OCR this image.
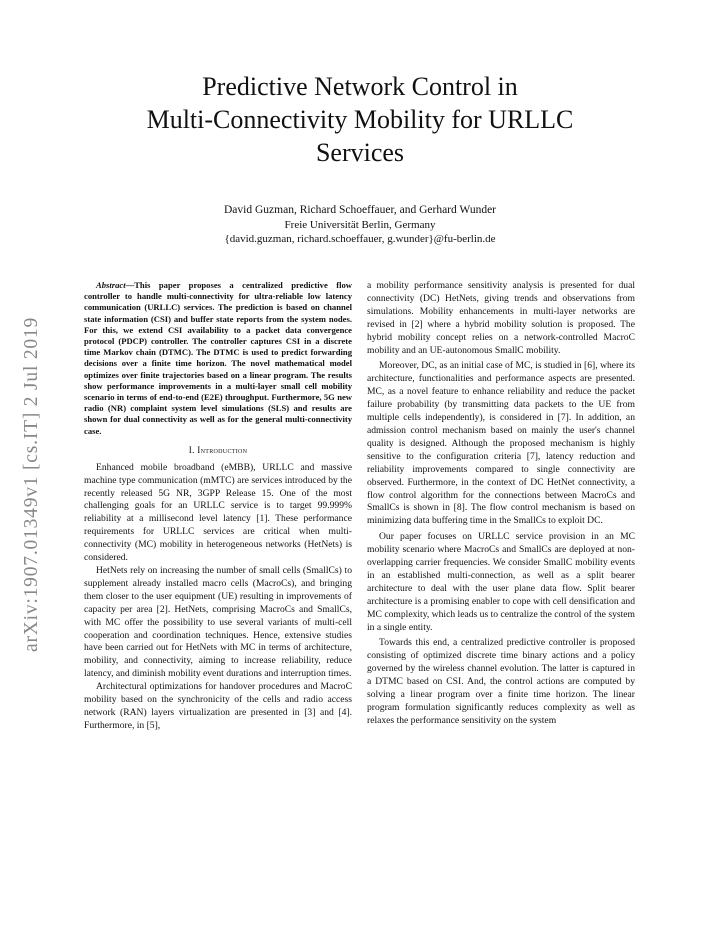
arXiv:1907.01349v1 [cs.IT] 2 Jul 2019
Predictive Network Control in
Multi-Connectivity Mobility for URLLC
Services
David Guzman, Richard Schoeffauer, and Gerhard Wunder
Freie Universität Berlin, Germany
{david.guzman, richard.schoeffauer, g.wunder}@fu-berlin.de

Abstract—This paper proposes a centralized predictive flow controller to handle multi-connectivity for ultra-reliable low latency communication (URLLC) services. The prediction is based on channel state information (CSI) and buffer state reports from the system nodes. For this, we extend CSI availability to a packet data convergence protocol (PDCP) controller. The controller captures CSI in a discrete time Markov chain (DTMC). The DTMC is used to predict forwarding decisions over a finite time horizon. The novel mathematical model optimizes over finite trajectories based on a linear program. The results show performance improvements in a multi-layer small cell mobility scenario in terms of end-to-end (E2E) throughput. Furthermore, 5G new radio (NR) complaint system level simulations (SLS) and results are shown for dual connectivity as well as for the general multi-connectivity case.

I. Introduction

Enhanced mobile broadband (eMBB), URLLC and massive machine type communication (mMTC) are services introduced by the recently released 5G NR, 3GPP Release 15. One of the most challenging goals for an URLLC service is to target 99.999% reliability at a millisecond level latency [1]. These performance requirements for URLLC services are critical when multi-connectivity (MC) mobility in heterogeneous networks (HetNets) is considered.

HetNets rely on increasing the number of small cells (SmallCs) to supplement already installed macro cells (MacroCs), and bringing them closer to the user equipment (UE) resulting in improvements of capacity per area [2]. HetNets, comprising MacroCs and SmallCs, with MC offer the possibility to use several variants of multi-cell cooperation and coordination techniques. Hence, extensive studies have been carried out for HetNets with MC in terms of architecture, mobility, and connectivity, aiming to increase reliability, reduce latency, and diminish mobility event durations and interruption times.

Architectural optimizations for handover procedures and MacroC mobility based on the synchronicity of the cells and radio access network (RAN) layers virtualization are presented in [3] and [4]. Furthermore, in [5],

a mobility performance sensitivity analysis is presented for dual connectivity (DC) HetNets, giving trends and observations from simulations. Mobility enhancements in multi-layer networks are revised in [2] where a hybrid mobility solution is proposed. The hybrid mobility concept relies on a network-controlled MacroC mobility and an UE-autonomous SmallC mobility.

Moreover, DC, as an initial case of MC, is studied in [6], where its architecture, functionalities and performance aspects are presented. MC, as a novel feature to enhance reliability and reduce the packet failure probability (by transmitting data packets to the UE from multiple cells independently), is considered in [7]. In addition, an admission control mechanism based on mainly the user's channel quality is designed. Although the proposed mechanism is highly sensitive to the configuration criteria [7], latency reduction and reliability improvements compared to single connectivity are observed. Furthermore, in the context of DC HetNet connectivity, a flow control algorithm for the connections between MacroCs and SmallCs is shown in [8]. The flow control mechanism is based on minimizing data buffering time in the SmallCs to exploit DC.

Our paper focuses on URLLC service provision in an MC mobility scenario where MacroCs and SmallCs are deployed at non-overlapping carrier frequencies. We consider SmallC mobility events in an established multi-connection, as well as a split bearer architecture to deal with the user plane data flow. Split bearer architecture is a promising enabler to cope with cell densification and MC complexity, which leads us to centralize the control of the system in a single entity.

Towards this end, a centralized predictive controller is proposed consisting of optimized discrete time binary actions and a policy governed by the wireless channel evolution. The latter is captured in a DTMC based on CSI. And, the control actions are computed by solving a linear program over a finite time horizon. The linear program formulation significantly reduces complexity as well as relaxes the performance sensitivity on the system
